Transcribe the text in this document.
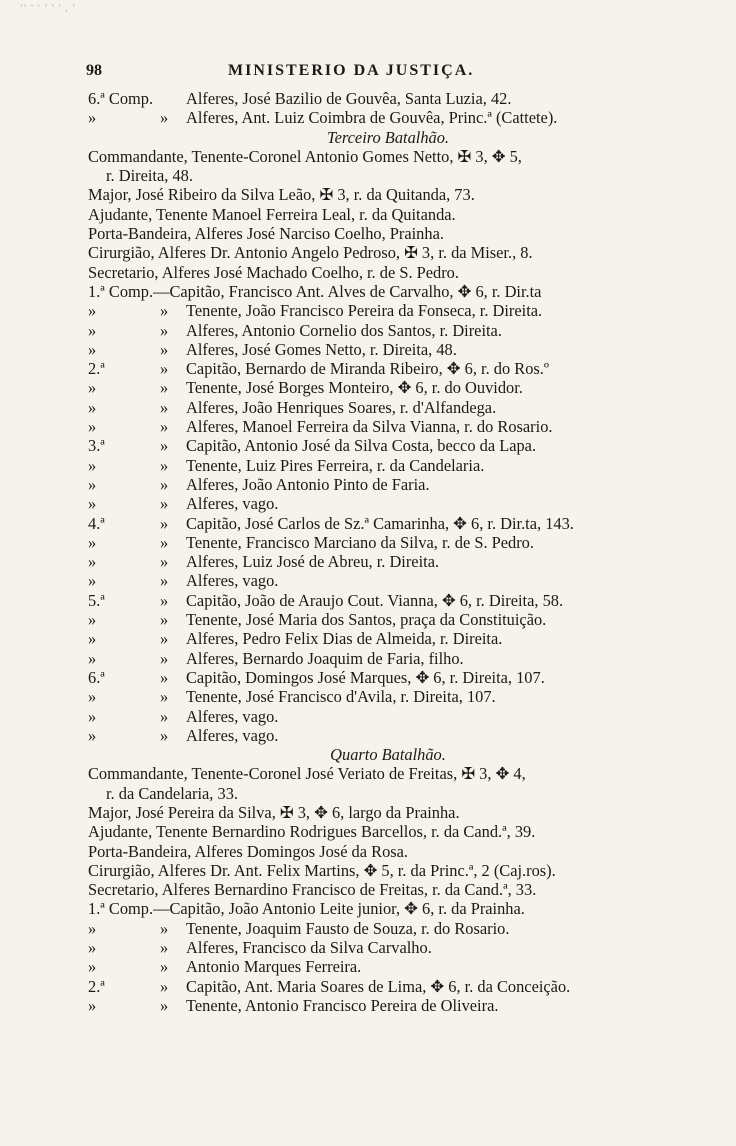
ʽʼ ʽ ˈ ʼ ʽ ˈ ˌ ʼ
98	MINISTERIO DA JUSTIÇA.
6.ª Comp. Alferes, José Bazilio de Gouvêa, Santa Luzia, 42.
»	» Alferes, Ant. Luiz Coimbra de Gouvêa, Princ.ª (Cattete).
Terceiro Batalhão.
Commandante, Tenente-Coronel Antonio Gomes Netto, ✠ 3, ✥ 5,
r. Direita, 48.
Major, José Ribeiro da Silva Leão, ✠ 3, r. da Quitanda, 73.
Ajudante, Tenente Manoel Ferreira Leal, r. da Quitanda.
Porta-Bandeira, Alferes José Narciso Coelho, Prainha.
Cirurgião, Alferes Dr. Antonio Angelo Pedroso, ✠ 3, r. da Miser., 8.
Secretario, Alferes José Machado Coelho, r. de S. Pedro.
1.ª Comp.—Capitão, Francisco Ant. Alves de Carvalho, ✥ 6, r. Dir.ta
»	» Tenente, João Francisco Pereira da Fonseca, r. Direita.
»	» Alferes, Antonio Cornelio dos Santos, r. Direita.
»	» Alferes, José Gomes Netto, r. Direita, 48.
2.ª	» Capitão, Bernardo de Miranda Ribeiro, ✥ 6, r. do Ros.º
»	» Tenente, José Borges Monteiro, ✥ 6, r. do Ouvidor.
»	» Alferes, João Henriques Soares, r. d'Alfandega.
»	» Alferes, Manoel Ferreira da Silva Vianna, r. do Rosario.
3.ª	» Capitão, Antonio José da Silva Costa, becco da Lapa.
»	» Tenente, Luiz Pires Ferreira, r. da Candelaria.
»	» Alferes, João Antonio Pinto de Faria.
»	» Alferes, vago.
4.ª	» Capitão, José Carlos de Sz.ª Camarinha, ✥ 6, r. Dir.ta, 143.
»	» Tenente, Francisco Marciano da Silva, r. de S. Pedro.
»	» Alferes, Luiz José de Abreu, r. Direita.
»	» Alferes, vago.
5.ª	» Capitão, João de Araujo Cout. Vianna, ✥ 6, r. Direita, 58.
»	» Tenente, José Maria dos Santos, praça da Constituição.
»	» Alferes, Pedro Felix Dias de Almeida, r. Direita.
»	» Alferes, Bernardo Joaquim de Faria, filho.
6.ª	» Capitão, Domingos José Marques, ✥ 6, r. Direita, 107.
»	» Tenente, José Francisco d'Avila, r. Direita, 107.
»	» Alferes, vago.
»	» Alferes, vago.
Quarto Batalhão.
Commandante, Tenente-Coronel José Veriato de Freitas, ✠ 3, ✥ 4,
r. da Candelaria, 33.
Major, José Pereira da Silva, ✠ 3, ✥ 6, largo da Prainha.
Ajudante, Tenente Bernardino Rodrigues Barcellos, r. da Cand.ª, 39.
Porta-Bandeira, Alferes Domingos José da Rosa.
Cirurgião, Alferes Dr. Ant. Felix Martins, ✥ 5, r. da Princ.ª, 2 (Caj.ros).
Secretario, Alferes Bernardino Francisco de Freitas, r. da Cand.ª, 33.
1.ª Comp.—Capitão, João Antonio Leite junior, ✥ 6, r. da Prainha.
»	» Tenente, Joaquim Fausto de Souza, r. do Rosario.
»	» Alferes, Francisco da Silva Carvalho.
»	» Antonio Marques Ferreira.
2.ª	» Capitão, Ant. Maria Soares de Lima, ✥ 6, r. da Conceição.
»	» Tenente, Antonio Francisco Pereira de Oliveira.
